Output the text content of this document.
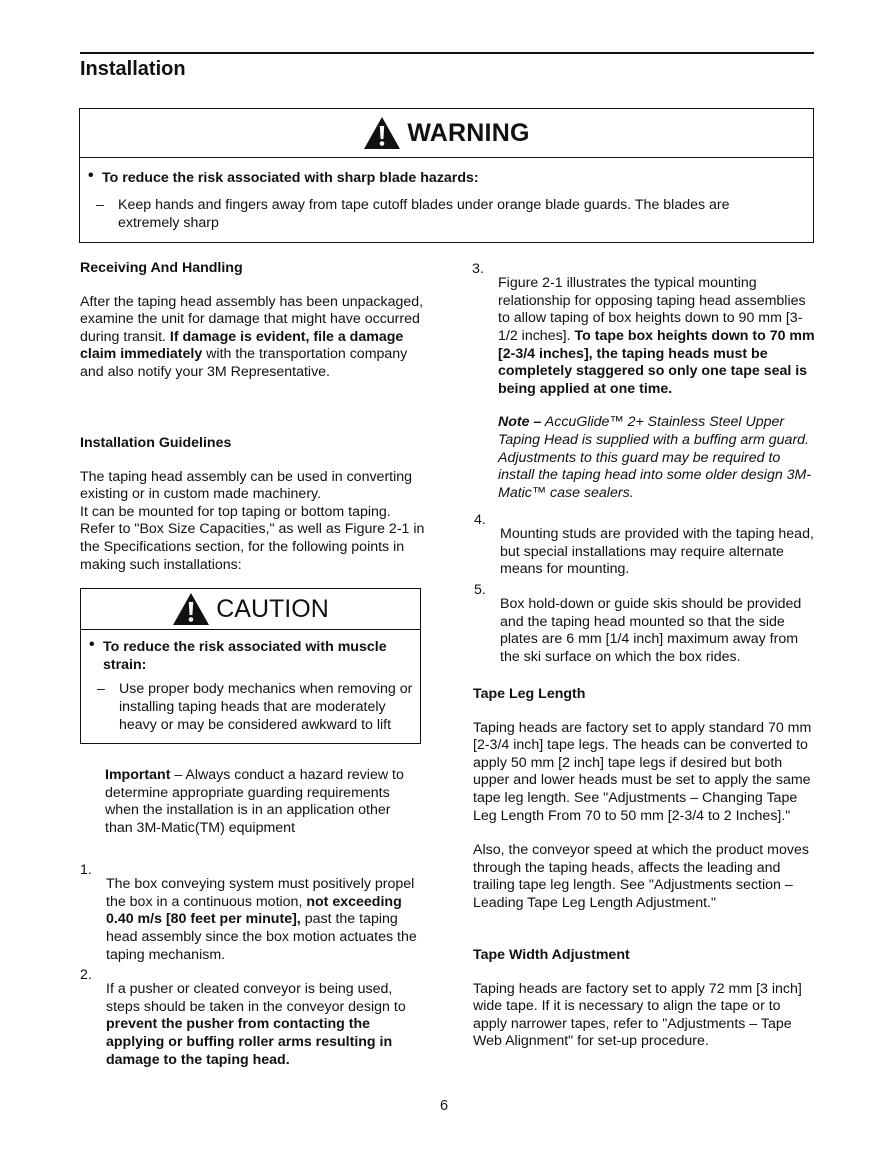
Installation
WARNING
• To reduce the risk associated with sharp blade hazards:
– Keep hands and fingers away from tape cutoff blades under orange blade guards. The blades are extremely sharp

Receiving And Handling

After the taping head assembly has been unpackaged, examine the unit for damage that might have occurred during transit. If damage is evident, file a damage claim immediately with the transportation company and also notify your 3M Representative.

Installation Guidelines

The taping head assembly can be used in converting existing or in custom made machinery.

It can be mounted for top taping or bottom taping. Refer to "Box Size Capacities," as well as Figure 2-1 in the Specifications section, for the following points in making such installations:

CAUTION
• To reduce the risk associated with muscle strain:
– Use proper body mechanics when removing or installing taping heads that are moderately heavy or may be considered awkward to lift

Important – Always conduct a hazard review to determine appropriate guarding requirements when the installation is in an application other than 3M-Matic(TM) equipment

1.

The box conveying system must positively propel the box in a continuous motion, not exceeding 0.40 m/s [80 feet per minute], past the taping head assembly since the box motion actuates the taping mechanism.

2.

If a pusher or cleated conveyor is being used, steps should be taken in the conveyor design to prevent the pusher from contacting the applying or buffing roller arms resulting in damage to the taping head.

3.

Figure 2-1 illustrates the typical mounting relationship for opposing taping head assemblies to allow taping of box heights down to 90 mm [3-1/2 inches]. To tape box heights down to 70 mm [2-3/4 inches], the taping heads must be completely staggered so only one tape seal is being applied at one time.

Note – AccuGlide™ 2+ Stainless Steel Upper Taping Head is supplied with a buffing arm guard. Adjustments to this guard may be required to install the taping head into some older design 3M-Matic™ case sealers.

4.

Mounting studs are provided with the taping head, but special installations may require alternate means for mounting.

5.

Box hold-down or guide skis should be provided and the taping head mounted so that the side plates are 6 mm [1/4 inch] maximum away from the ski surface on which the box rides.

Tape Leg Length

Taping heads are factory set to apply standard 70 mm [2-3/4 inch] tape legs. The heads can be converted to apply 50 mm [2 inch] tape legs if desired but both upper and lower heads must be set to apply the same tape leg length. See "Adjustments – Changing Tape Leg Length From 70 to 50 mm [2-3/4 to 2 Inches]."

Also, the conveyor speed at which the product moves through the taping heads, affects the leading and trailing tape leg length. See "Adjustments section – Leading Tape Leg Length Adjustment."

Tape Width Adjustment

Taping heads are factory set to apply 72 mm [3 inch] wide tape. If it is necessary to align the tape or to apply narrower tapes, refer to "Adjustments – Tape Web Alignment" for set-up procedure.

6
